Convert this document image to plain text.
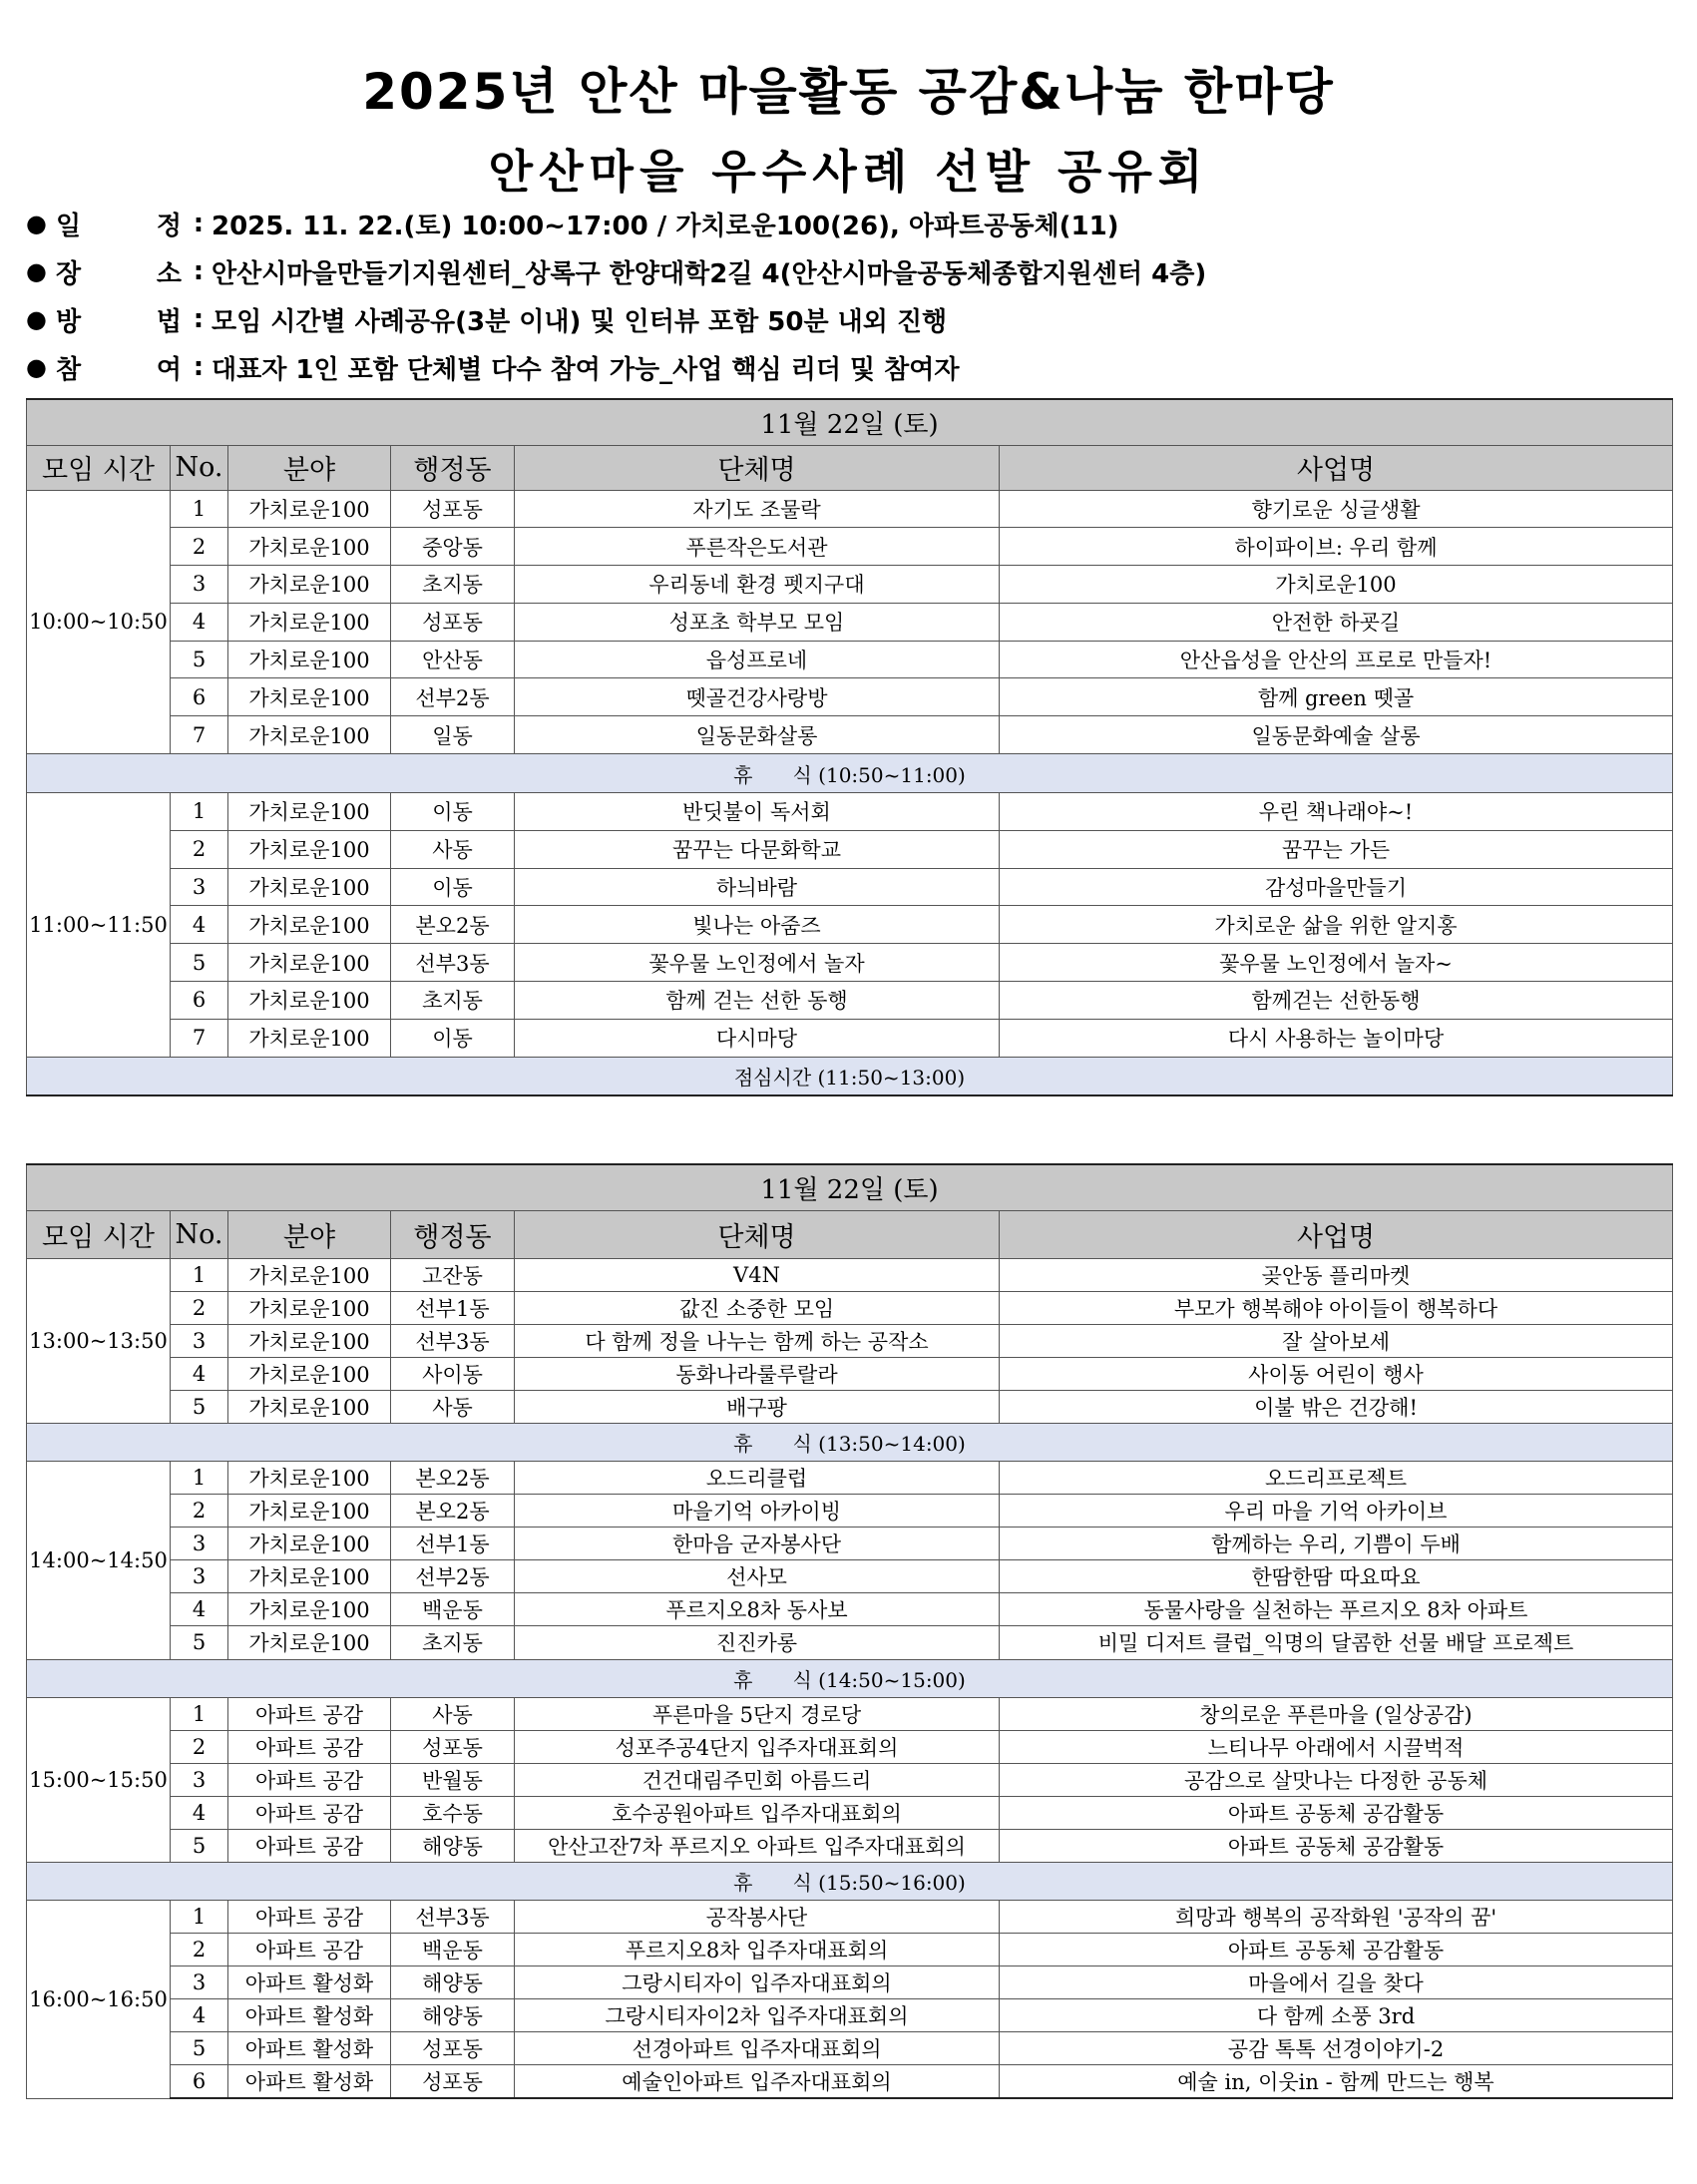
2025년 안산 마을활동 공감&나눔 한마당
안산마을 우수사례 선발 공유회
● 일	정 : 2025. 11. 22.(토) 10:00~17:00 / 가치로운100(26), 아파트공동체(11)
● 장	소 : 안산시마을만들기지원센터_상록구 한양대학2길 4(안산시마을공동체종합지원센터 4층)
● 방	법 : 모임 시간별 사례공유(3분 이내) 및 인터뷰 포함 50분 내외 진행
● 참	여 : 대표자 1인 포함 단체별 다수 참여 가능_사업 핵심 리더 및 참여자
11월 22일 (토)					
모임 시간	No.	분야	행정동	단체명	사업명
10:00~10:50	1	가치로운100	성포동	자기도 조물락	향기로운 싱글생활
	2	가치로운100	중앙동	푸른작은도서관	하이파이브: 우리 함께
	3	가치로운100	초지동	우리동네 환경 펫지구대	가치로운100
	4	가치로운100	성포동	성포초 학부모 모임	안전한 하굣길
	5	가치로운100	안산동	읍성프로네	안산읍성을 안산의 프로로 만들자!
	6	가치로운100	선부2동	뗏골건강사랑방	함께 green 뗏골
	7	가치로운100	일동	일동문화살롱	일동문화예술 살롱
휴　　식 (10:50~11:00)					
11:00~11:50	1	가치로운100	이동	반딧불이 독서회	우린 책나래야~!
	2	가치로운100	사동	꿈꾸는 다문화학교	꿈꾸는 가든
	3	가치로운100	이동	하늬바람	감성마을만들기
	4	가치로운100	본오2동	빛나는 아줌즈	가치로운 삶을 위한 알지홍
	5	가치로운100	선부3동	꽃우물 노인정에서 놀자	꽃우물 노인정에서 놀자~
	6	가치로운100	초지동	함께 걷는 선한 동행	함께걷는 선한동행
	7	가치로운100	이동	다시마당	다시 사용하는 놀이마당
점심시간 (11:50~13:00)					
11월 22일 (토)					
모임 시간	No.	분야	행정동	단체명	사업명
13:00~13:50	1	가치로운100	고잔동	V4N	곶안동 플리마켓
	2	가치로운100	선부1동	값진 소중한 모임	부모가 행복해야 아이들이 행복하다
	3	가치로운100	선부3동	다 함께 정을 나누는 함께 하는 공작소	잘 살아보세
	4	가치로운100	사이동	동화나라룰루랄라	사이동 어린이 행사
	5	가치로운100	사동	배구팡	이불 밖은 건강해!
휴　　식 (13:50~14:00)					
14:00~14:50	1	가치로운100	본오2동	오드리클럽	오드리프로젝트
	2	가치로운100	본오2동	마을기억 아카이빙	우리 마을 기억 아카이브
	3	가치로운100	선부1동	한마음 군자봉사단	함께하는 우리, 기쁨이 두배
	3	가치로운100	선부2동	선사모	한땀한땀 따요따요
	4	가치로운100	백운동	푸르지오8차 동사보	동물사랑을 실천하는 푸르지오 8차 아파트
	5	가치로운100	초지동	진진카롱	비밀 디저트 클럽_익명의 달콤한 선물 배달 프로젝트
휴　　식 (14:50~15:00)					
15:00~15:50	1	아파트 공감	사동	푸른마을 5단지 경로당	창의로운 푸른마을 (일상공감)
	2	아파트 공감	성포동	성포주공4단지 입주자대표회의	느티나무 아래에서 시끌벅적
	3	아파트 공감	반월동	건건대림주민회 아름드리	공감으로 살맛나는 다정한 공동체
	4	아파트 공감	호수동	호수공원아파트 입주자대표회의	아파트 공동체 공감활동
	5	아파트 공감	해양동	안산고잔7차 푸르지오 아파트 입주자대표회의	아파트 공동체 공감활동
휴　　식 (15:50~16:00)					
16:00~16:50	1	아파트 공감	선부3동	공작봉사단	희망과 행복의 공작화원 '공작의 꿈'
	2	아파트 공감	백운동	푸르지오8차 입주자대표회의	아파트 공동체 공감활동
	3	아파트 활성화	해양동	그랑시티자이 입주자대표회의	마을에서 길을 찾다
	4	아파트 활성화	해양동	그랑시티자이2차 입주자대표회의	다 함께 소풍 3rd
	5	아파트 활성화	성포동	선경아파트 입주자대표회의	공감 톡톡 선경이야기-2
	6	아파트 활성화	성포동	예술인아파트 입주자대표회의	예술 in, 이웃in - 함께 만드는 행복
